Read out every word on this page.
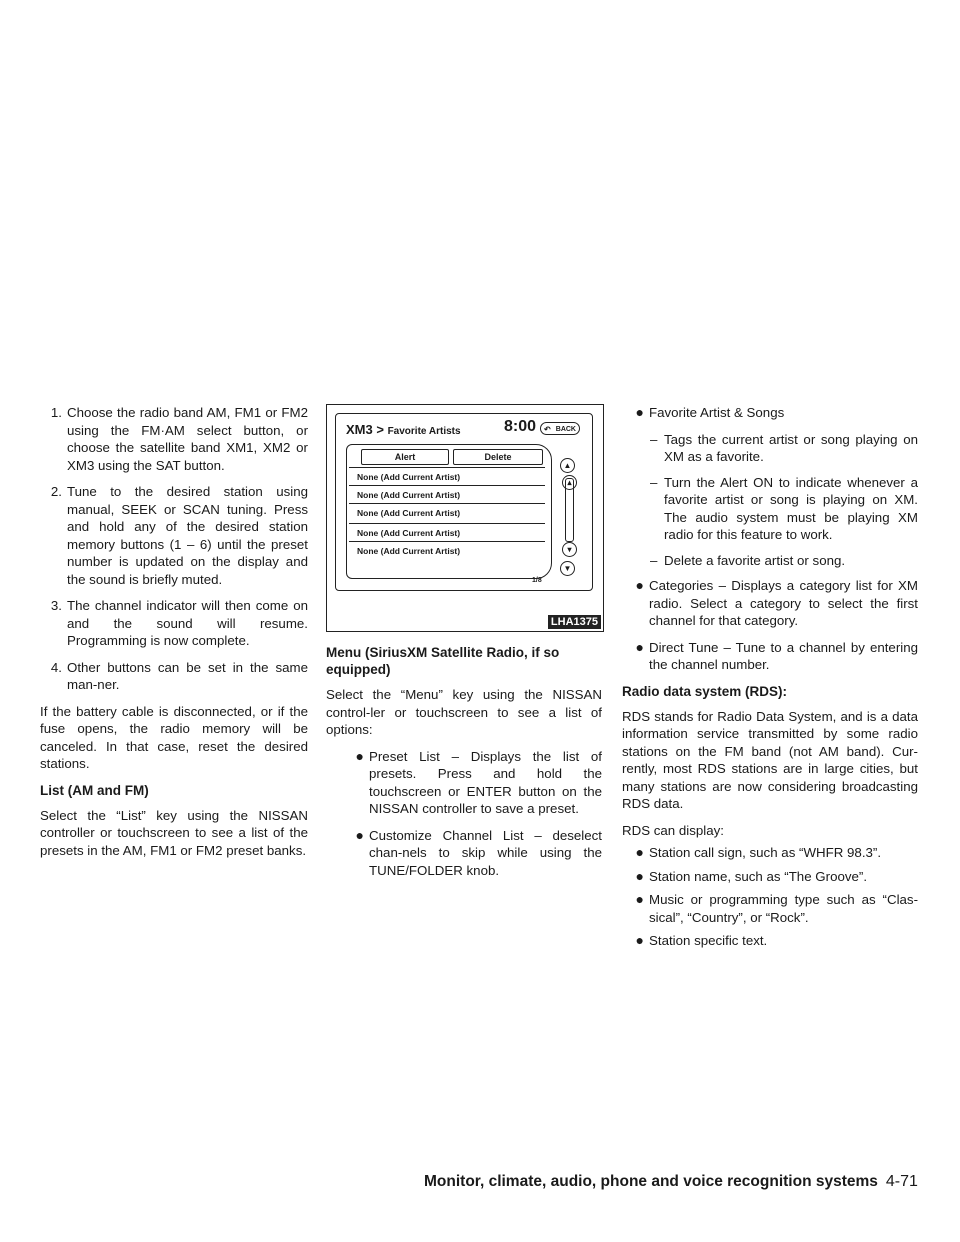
1. Choose the radio band AM, FM1 or FM2 using the FM·AM select button, or choose the satellite band XM1, XM2 or XM3 using the SAT button.
2. Tune to the desired station using manual, SEEK or SCAN tuning. Press and hold any of the desired station memory buttons (1 – 6) until the preset number is updated on the display and the sound is briefly muted.
3. The channel indicator will then come on and the sound will resume. Programming is now complete.
4. Other buttons can be set in the same man-ner.

If the battery cable is disconnected, or if the fuse opens, the radio memory will be canceled. In that case, reset the desired stations.

List (AM and FM)

Select the “List” key using the NISSAN controller or touchscreen to see a list of the presets in the AM, FM1 or FM2 preset banks.

XM3 > Favorite Artists	8:00 ↶ BACK
Alert	Delete
None (Add Current Artist)
None (Add Current Artist)
None (Add Current Artist)
None (Add Current Artist)
None (Add Current Artist)
▲
▴
▾
▼
1/8
LHA1375
Menu (SiriusXM Satellite Radio, if so equipped)

Select the “Menu” key using the NISSAN control-ler or touchscreen to see a list of options:

● Preset List – Displays the list of presets. Press and hold the touchscreen or ENTER button on the NISSAN controller to save a preset.
● Customize Channel List – deselect chan-nels to skip while using the TUNE/FOLDER knob.
● Favorite Artist & Songs
– Tags the current artist or song playing on XM as a favorite.
– Turn the Alert ON to indicate whenever a favorite artist or song is playing on XM. The audio system must be playing XM radio for this feature to work.
– Delete a favorite artist or song.
● Categories – Displays a category list for XM radio. Select a category to select the first channel for that category.
● Direct Tune – Tune to a channel by entering the channel number.
Radio data system (RDS):

RDS stands for Radio Data System, and is a data information service transmitted by some radio stations on the FM band (not AM band). Cur-rently, most RDS stations are in large cities, but many stations are now considering broadcasting RDS data.

RDS can display:

● Station call sign, such as “WHFR 98.3”.
● Station name, such as “The Groove”.
● Music or programming type such as “Clas-sical”, “Country”, or “Rock”.
● Station specific text.
Monitor, climate, audio, phone and voice recognition systems 4-71
